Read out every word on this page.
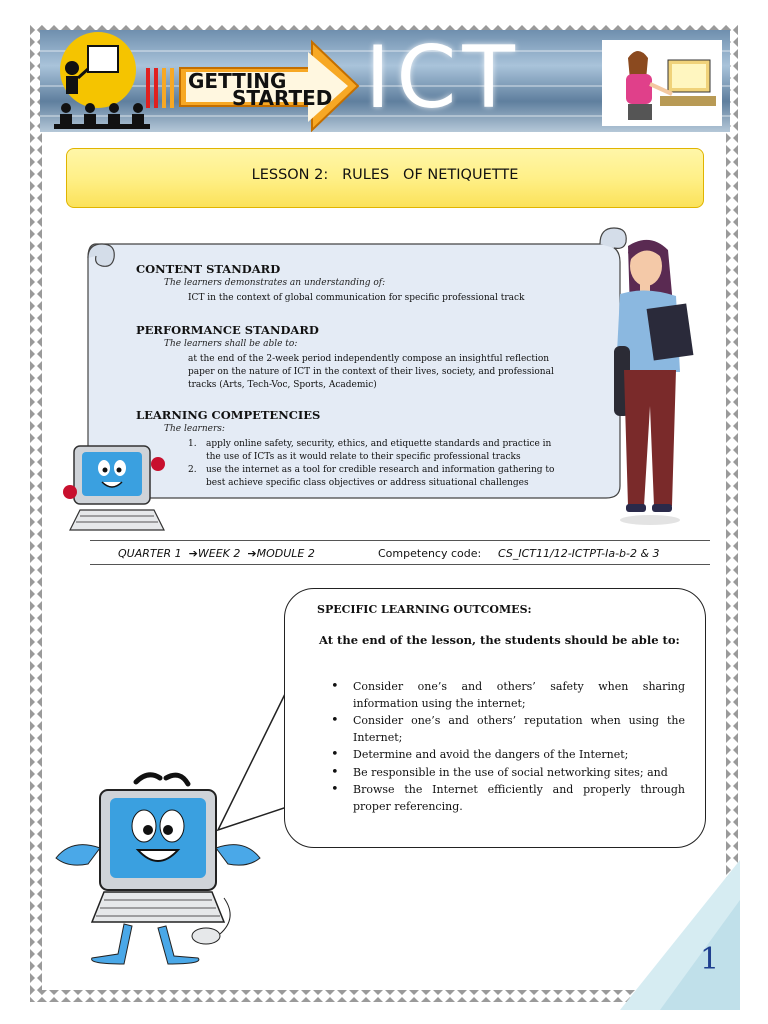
GETTING
STARTED ICT
LESSON 2:   RULES   OF NETIQUETTE
CONTENT STANDARD
The learners demonstrates an understanding of:
ICT in the context of global communication for specific professional track
PERFORMANCE STANDARD
The learners shall be able to:
at the end of the 2-week period independently compose an insightful reflection
paper on the nature of ICT in the context of their lives, society, and professional
tracks (Arts, Tech-Voc, Sports, Academic)
LEARNING COMPETENCIES
The learners:
1. apply online safety, security, ethics, and etiquette standards and practice in
the use of ICTs as it would relate to their specific professional tracks
2. use the internet as a tool for credible research and information gathering to
best achieve specific class objectives or address situational challenges
QUARTER 1  ➔WEEK 2  ➔MODULE 2	Competency code: CS_ICT11/12-ICTPT-Ia-b-2 & 3
SPECIFIC LEARNING OUTCOMES:
At the end of the lesson, the students should be able to:
• Consider one’s and others’ safety when sharing information using the internet;
• Consider one’s and others’ reputation when using the Internet;
• Determine and avoid the dangers of the Internet;
• Be responsible in the use of social networking sites; and
• Browse the Internet efficiently and properly through proper referencing.
1
